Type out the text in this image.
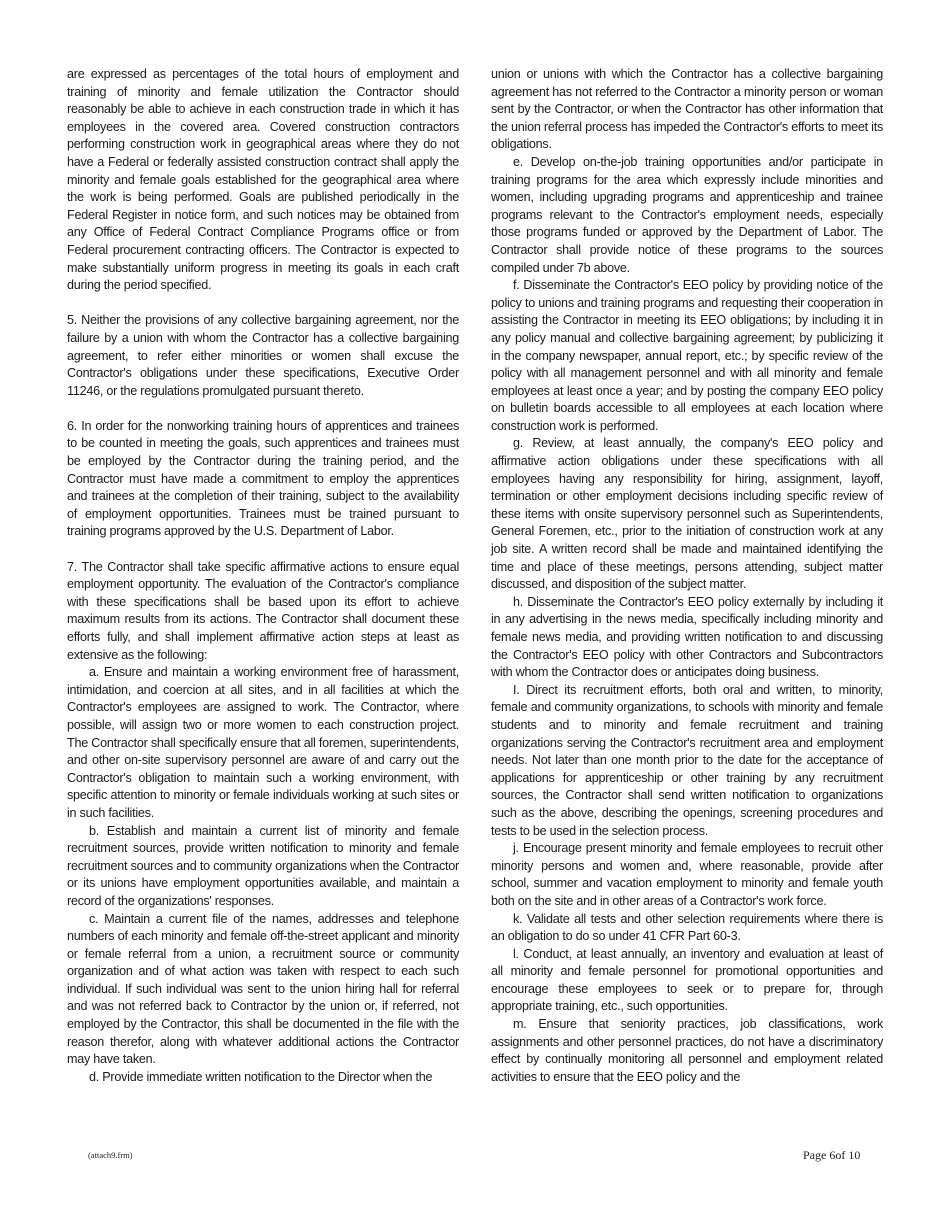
are expressed as percentages of the total hours of employment and training of minority and female utilization the Contractor should reasonably be able to achieve in each construction trade in which it has employees in the covered area. Covered construction contractors performing construction work in geographical areas where they do not have a Federal or federally assisted construction contract shall apply the minority and female goals established for the geographical area where the work is being performed. Goals are published periodically in the Federal Register in notice form, and such notices may be obtained from any Office of Federal Contract Compliance Programs office or from Federal procurement contracting officers. The Contractor is expected to make substantially uniform progress in meeting its goals in each craft during the period specified.

5. Neither the provisions of any collective bargaining agreement, nor the failure by a union with whom the Contractor has a collective bargaining agreement, to refer either minorities or women shall excuse the Contractor's obligations under these specifications, Executive Order 11246, or the regulations promulgated pursuant thereto.

6. In order for the nonworking training hours of apprentices and trainees to be counted in meeting the goals, such apprentices and trainees must be employed by the Contractor during the training period, and the Contractor must have made a commitment to employ the apprentices and trainees at the completion of their training, subject to the availability of employment opportunities. Trainees must be trained pursuant to training programs approved by the U.S. Department of Labor.

7. The Contractor shall take specific affirmative actions to ensure equal employment opportunity. The evaluation of the Contractor's compliance with these specifications shall be based upon its effort to achieve maximum results from its actions. The Contractor shall document these efforts fully, and shall implement affirmative action steps at least as extensive as the following:

a. Ensure and maintain a working environment free of harassment, intimidation, and coercion at all sites, and in all facilities at which the Contractor's employees are assigned to work. The Contractor, where possible, will assign two or more women to each construction project. The Contractor shall specifically ensure that all foremen, superintendents, and other on-site supervisory personnel are aware of and carry out the Contractor's obligation to maintain such a working environment, with specific attention to minority or female individuals working at such sites or in such facilities.

b. Establish and maintain a current list of minority and female recruitment sources, provide written notification to minority and female recruitment sources and to community organizations when the Contractor or its unions have employment opportunities available, and maintain a record of the organizations' responses.

c. Maintain a current file of the names, addresses and telephone numbers of each minority and female off-the-street applicant and minority or female referral from a union, a recruitment source or community organization and of what action was taken with respect to each such individual. If such individual was sent to the union hiring hall for referral and was not referred back to Contractor by the union or, if referred, not employed by the Contractor, this shall be documented in the file with the reason therefor, along with whatever additional actions the Contractor may have taken.

d. Provide immediate written notification to the Director when the

union or unions with which the Contractor has a collective bargaining agreement has not referred to the Contractor a minority person or woman sent by the Contractor, or when the Contractor has other information that the union referral process has impeded the Contractor's efforts to meet its obligations.

e. Develop on-the-job training opportunities and/or participate in training programs for the area which expressly include minorities and women, including upgrading programs and apprenticeship and trainee programs relevant to the Contractor's employment needs, especially those programs funded or approved by the Department of Labor. The Contractor shall provide notice of these programs to the sources compiled under 7b above.

f. Disseminate the Contractor's EEO policy by providing notice of the policy to unions and training programs and requesting their cooperation in assisting the Contractor in meeting its EEO obligations; by including it in any policy manual and collective bargaining agreement; by publicizing it in the company newspaper, annual report, etc.; by specific review of the policy with all management personnel and with all minority and female employees at least once a year; and by posting the company EEO policy on bulletin boards accessible to all employees at each location where construction work is performed.

g. Review, at least annually, the company's EEO policy and affirmative action obligations under these specifications with all employees having any responsibility for hiring, assignment, layoff, termination or other employment decisions including specific review of these items with onsite supervisory personnel such as Superintendents, General Foremen, etc., prior to the initiation of construction work at any job site. A written record shall be made and maintained identifying the time and place of these meetings, persons attending, subject matter discussed, and disposition of the subject matter.

h. Disseminate the Contractor's EEO policy externally by including it in any advertising in the news media, specifically including minority and female news media, and providing written notification to and discussing the Contractor's EEO policy with other Contractors and Subcontractors with whom the Contractor does or anticipates doing business.

I. Direct its recruitment efforts, both oral and written, to minority, female and community organizations, to schools with minority and female students and to minority and female recruitment and training organizations serving the Contractor's recruitment area and employment needs. Not later than one month prior to the date for the acceptance of applications for apprenticeship or other training by any recruitment sources, the Contractor shall send written notification to organizations such as the above, describing the openings, screening procedures and tests to be used in the selection process.

j. Encourage present minority and female employees to recruit other minority persons and women and, where reasonable, provide after school, summer and vacation employment to minority and female youth both on the site and in other areas of a Contractor's work force.

k. Validate all tests and other selection requirements where there is an obligation to do so under 41 CFR Part 60-3.

l. Conduct, at least annually, an inventory and evaluation at least of all minority and female personnel for promotional opportunities and encourage these employees to seek or to prepare for, through appropriate training, etc., such opportunities.

m. Ensure that seniority practices, job classifications, work assignments and other personnel practices, do not have a discriminatory effect by continually monitoring all personnel and employment related activities to ensure that the EEO policy and the

(attach9.frm)	Page 6of 10
